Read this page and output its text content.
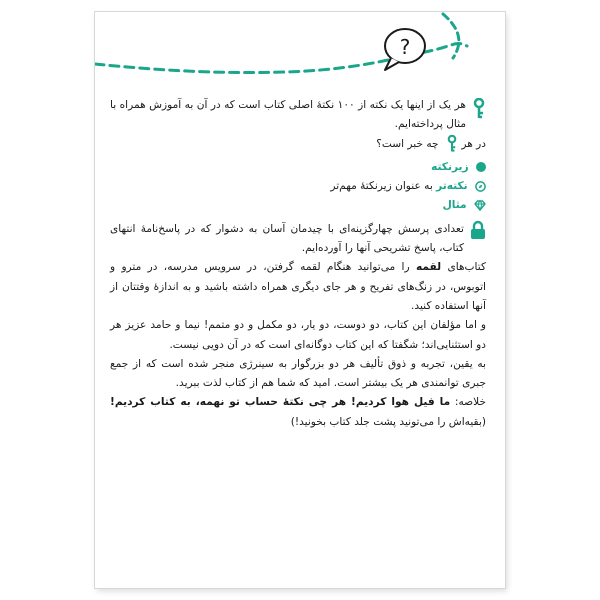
?

هر یک از اینها یک نکته از ۱۰۰ نکتهٔ اصلی کتاب است که در آن به آموزش همراه با مثال پرداخته‌ایم.

در هر  چه خبر است؟

زیرنکته

نکته‌تر به عنوان زیرنکتهٔ مهم‌تر

مثال

تعدادی پرسش چهارگزینه‌ای با چیدمان آسان به دشوار که در پاسخ‌نامهٔ انتهای کتاب، پاسخ تشریحی آنها را آورده‌ایم.

کتاب‌های لقمه را می‌توانید هنگام لقمه گرفتن، در سرویس مدرسه، در مترو و اتوبوس، در زنگ‌های تفریح و هر جای دیگری همراه داشته باشید و به اندازهٔ وقتتان از آنها استفاده کنید.

و اما مؤلفان این کتاب، دو دوست، دو یار، دو مکمل و دو متمم! نیما و حامد عزیز هر دو استثنایی‌اند؛ شگفتا که این کتاب دوگانه‌ای است که در آن دویی نیست.

به یقین، تجربه و ذوق تألیف هر دو بزرگوار به سینرژی منجر شده است که از جمع جبری توانمندی هر یک بیشتر است. امید که شما هم از کتاب لذت ببرید.

خلاصه: ما فیل هوا کردیم! هر چی نکتهٔ حساب تو نهمه، به کتاب کردیم! (بقیه‌اش را می‌تونید پشت جلد کتاب بخونید!)
